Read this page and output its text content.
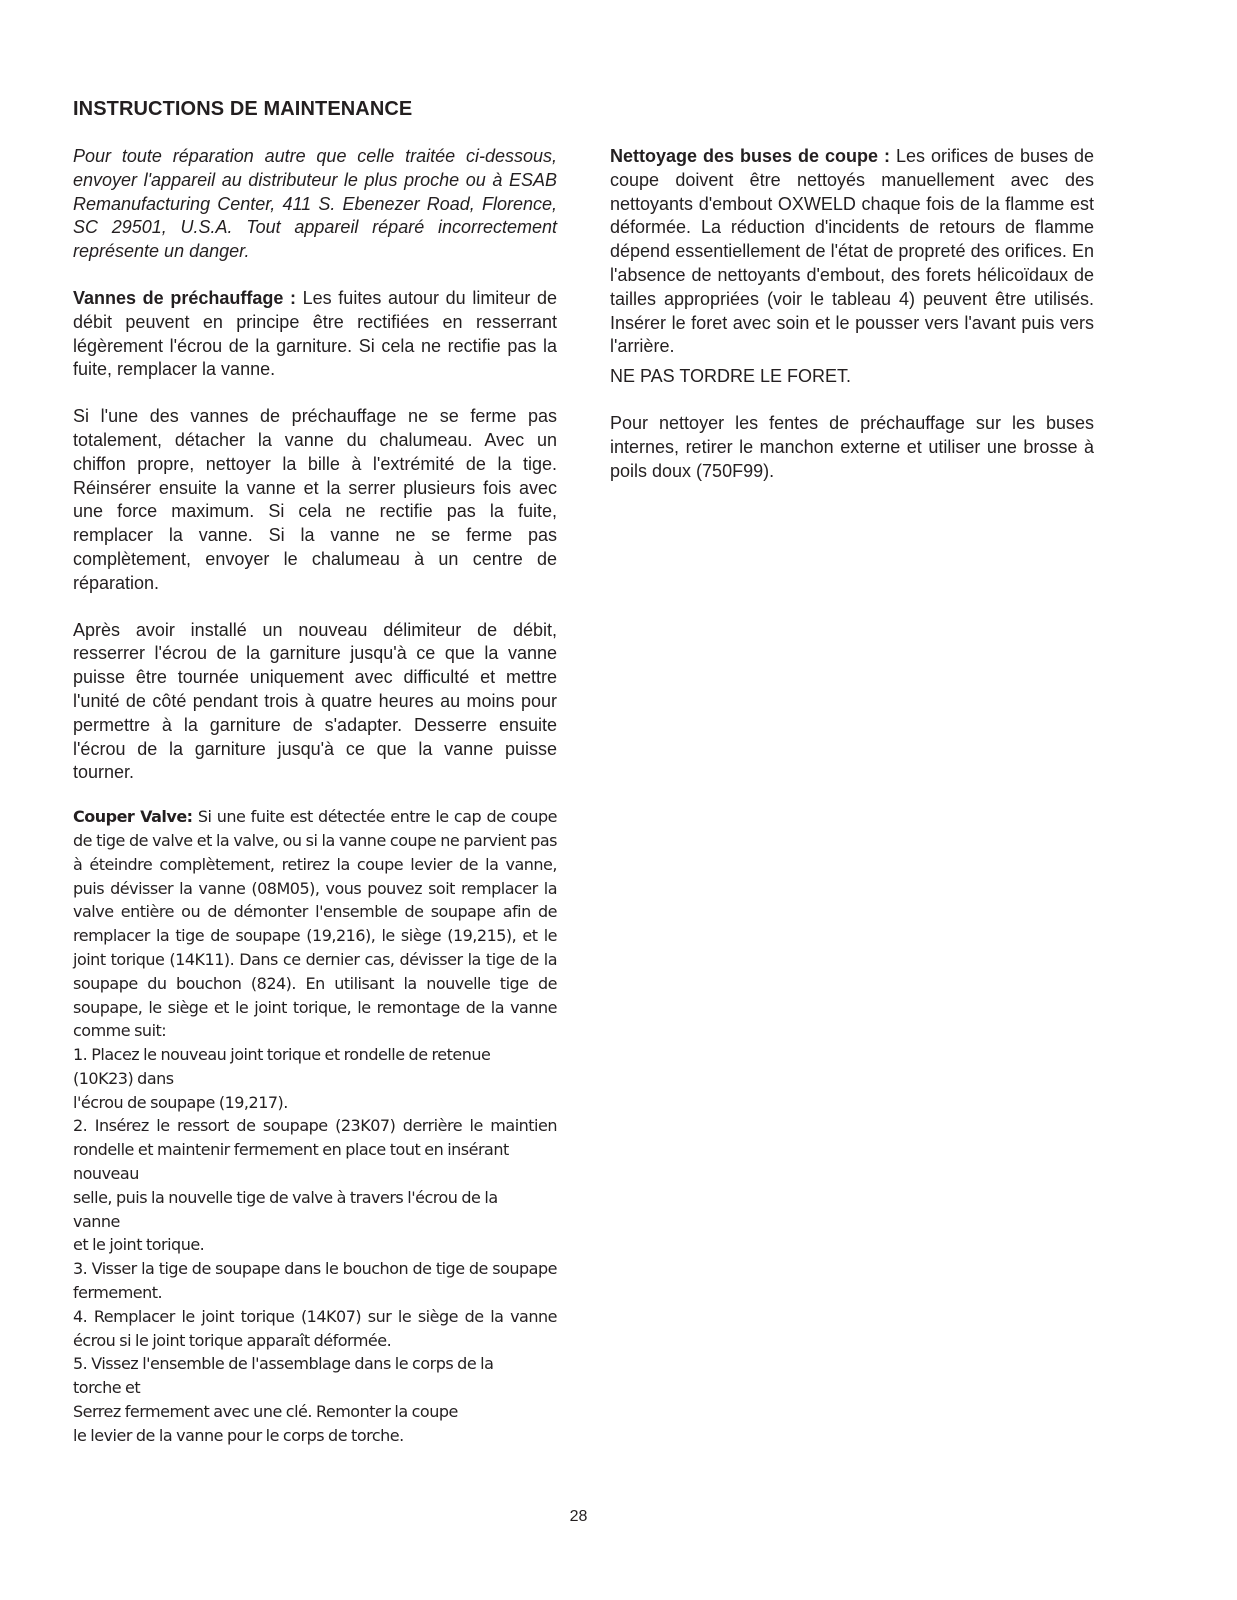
INSTRUCTIONS DE MAINTENANCE

Pour toute réparation autre que celle traitée ci-dessous, envoyer l'appareil au distributeur le plus proche ou à ESAB Remanufacturing Center, 411 S. Ebenezer Road, Florence, SC 29501, U.S.A. Tout appareil réparé incorrectement représente un danger.

Vannes de préchauffage : Les fuites autour du limiteur de débit peuvent en principe être rectifiées en resserrant légèrement l'écrou de la garniture. Si cela ne rectifie pas la fuite, remplacer la vanne.

Si l'une des vannes de préchauffage ne se ferme pas totalement, détacher la vanne du chalumeau. Avec un chiffon propre, nettoyer la bille à l'extrémité de la tige. Réinsérer ensuite la vanne et la serrer plusieurs fois avec une force maximum. Si cela ne rectifie pas la fuite, remplacer la vanne. Si la vanne ne se ferme pas complètement, envoyer le chalumeau à un centre de réparation.

Après avoir installé un nouveau délimiteur de débit, resserrer l'écrou de la garniture jusqu'à ce que la vanne puisse être tournée uniquement avec difficulté et mettre l'unité de côté pendant trois à quatre heures au moins pour permettre à la garniture de s'adapter. Desserre ensuite l'écrou de la garniture jusqu'à ce que la vanne puisse tourner.

Couper Valve: Si une fuite est détectée entre le cap de coupe de tige de valve et la valve, ou si la vanne coupe ne parvient pas à éteindre complètement, retirez la coupe levier de la vanne, puis dévisser la vanne (08M05), vous pouvez soit remplacer la valve entière ou de démonter l'ensemble de soupape afin de remplacer la tige de soupape (19,216), le siège (19,215), et le joint torique (14K11). Dans ce dernier cas, dévisser la tige de la soupape du bouchon (824). En utilisant la nouvelle tige de soupape, le siège et le joint torique, le remontage de la vanne comme suit:

1. Placez le nouveau joint torique et rondelle de retenue
(10K23) dans
l'écrou de soupape (19,217).

2. Insérez le ressort de soupape (23K07) derrière le maintien rondelle et maintenir fermement en place tout en insérant

nouveau

selle, puis la nouvelle tige de valve à travers l'écrou de la

vanne
et le joint torique.

3. Visser la tige de soupape dans le bouchon de tige de soupape fermement.

4. Remplacer le joint torique (14K07) sur le siège de la vanne écrou si le joint torique apparaît déformée.

5. Vissez l'ensemble de l'assemblage dans le corps de la

torche et
Serrez fermement avec une clé. Remonter la coupe
le levier de la vanne pour le corps de torche.

Nettoyage des buses de coupe : Les orifices de buses de coupe doivent être nettoyés manuellement avec des nettoyants d'embout OXWELD chaque fois de la flamme est déformée. La réduction d'incidents de retours de flamme dépend essentiellement de l'état de propreté des orifices. En l'absence de nettoyants d'embout, des forets hélicoïdaux de tailles appropriées (voir le tableau 4) peuvent être utilisés. Insérer le foret avec soin et le pousser vers l'avant puis vers l'arrière.

NE PAS TORDRE LE FORET.

Pour nettoyer les fentes de préchauffage sur les buses internes, retirer le manchon externe et utiliser une brosse à poils doux (750F99).

28
